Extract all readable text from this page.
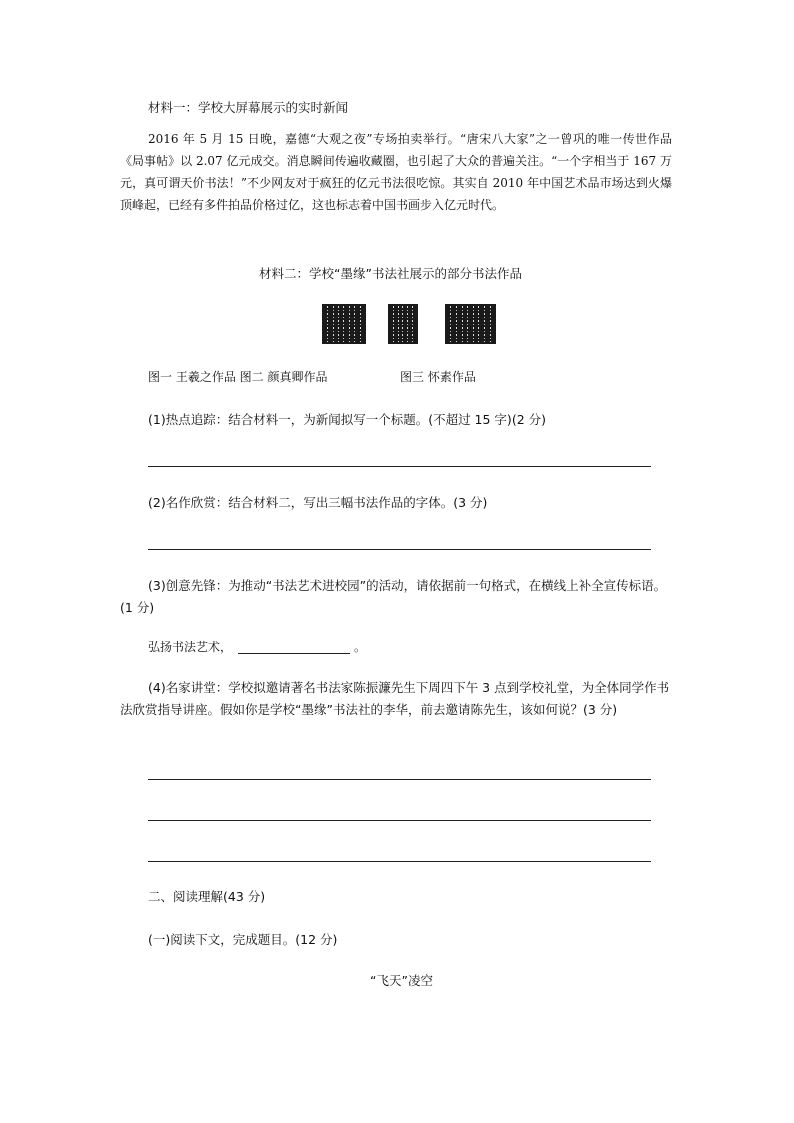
材料一：学校大屏幕展示的实时新闻
2016 年 5 月 15 日晚，嘉德“大观之夜”专场拍卖举行。“唐宋八大家”之一曾巩的唯一传世作品《局事帖》以 2.07 亿元成交。消息瞬间传遍收藏圈，也引起了大众的普遍关注。“一个字相当于 167 万元，真可谓天价书法！”不少网友对于疯狂的亿元书法很吃惊。其实自 2010 年中国艺术品市场达到火爆顶峰起，已经有多件拍品价格过亿，这也标志着中国书画步入亿元时代。
材料二：学校“墨缘”书法社展示的部分书法作品
图一 王羲之作品 图二 颜真卿作品	图三 怀素作品
(1)热点追踪：结合材料一，为新闻拟写一个标题。(不超过 15 字)(2 分)
(2)名作欣赏：结合材料二，写出三幅书法作品的字体。(3 分)
(3)创意先锋：为推动“书法艺术进校园”的活动，请依据前一句格式，在横线上补全宣传标语。(1 分)
弘扬书法艺术，	。
(4)名家讲堂：学校拟邀请著名书法家陈振濂先生下周四下午 3 点到学校礼堂，为全体同学作书法欣赏指导讲座。假如你是学校“墨缘”书法社的李华，前去邀请陈先生，该如何说？(3 分)
二、阅读理解(43 分)
(一)阅读下文，完成题目。(12 分)
“飞天”凌空
